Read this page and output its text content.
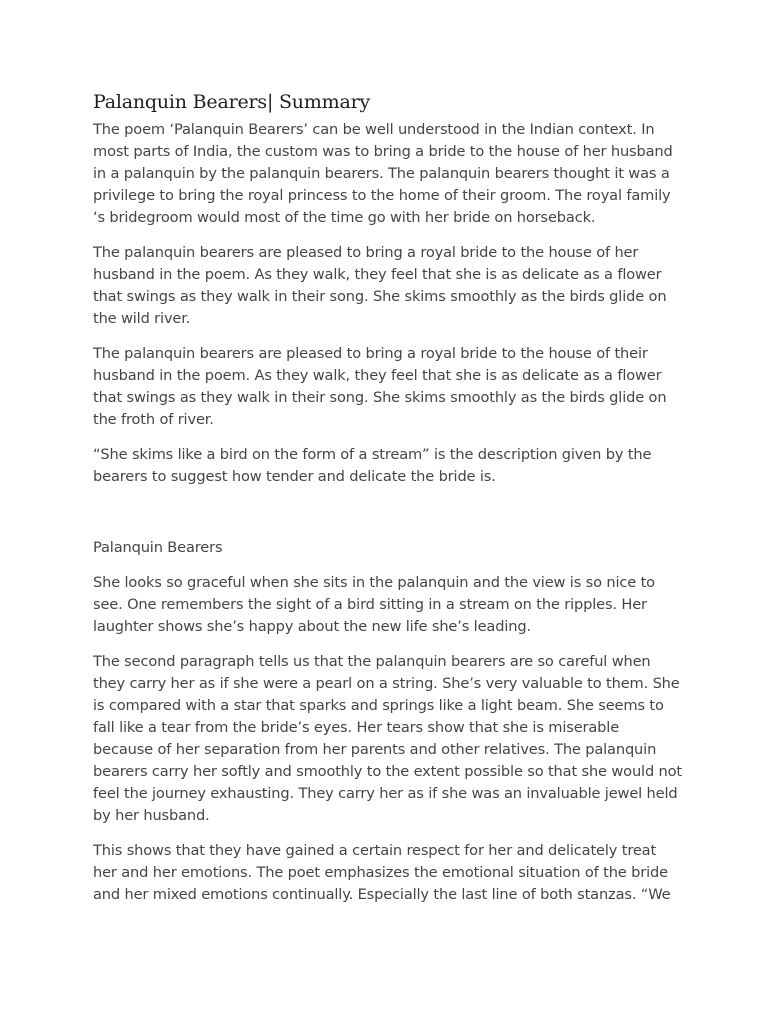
Palanquin Bearers| Summary

The poem ‘Palanquin Bearers’ can be well understood in the Indian context. In most parts of India, the custom was to bring a bride to the house of her husband in a palanquin by the palanquin bearers. The palanquin bearers thought it was a privilege to bring the royal princess to the home of their groom. The royal family ‘s bridegroom would most of the time go with her bride on horseback.

The palanquin bearers are pleased to bring a royal bride to the house of her husband in the poem. As they walk, they feel that she is as delicate as a flower that swings as they walk in their song. She skims smoothly as the birds glide on the wild river.

The palanquin bearers are pleased to bring a royal bride to the house of their husband in the poem. As they walk, they feel that she is as delicate as a flower that swings as they walk in their song. She skims smoothly as the birds glide on the froth of river.

“She skims like a bird on the form of a stream” is the description given by the bearers to suggest how tender and delicate the bride is.

Palanquin Bearers

She looks so graceful when she sits in the palanquin and the view is so nice to see. One remembers the sight of a bird sitting in a stream on the ripples. Her laughter shows she’s happy about the new life she’s leading.

The second paragraph tells us that the palanquin bearers are so careful when they carry her as if she were a pearl on a string. She’s very valuable to them. She is compared with a star that sparks and springs like a light beam. She seems to fall like a tear from the bride’s eyes. Her tears show that she is miserable because of her separation from her parents and other relatives. The palanquin bearers carry her softly and smoothly to the extent possible so that she would not feel the journey exhausting. They carry her as if she was an invaluable jewel held by her husband.

This shows that they have gained a certain respect for her and delicately treat her and her emotions. The poet emphasizes the emotional situation of the bride and her mixed emotions continually. Especially the last line of both stanzas. “We
